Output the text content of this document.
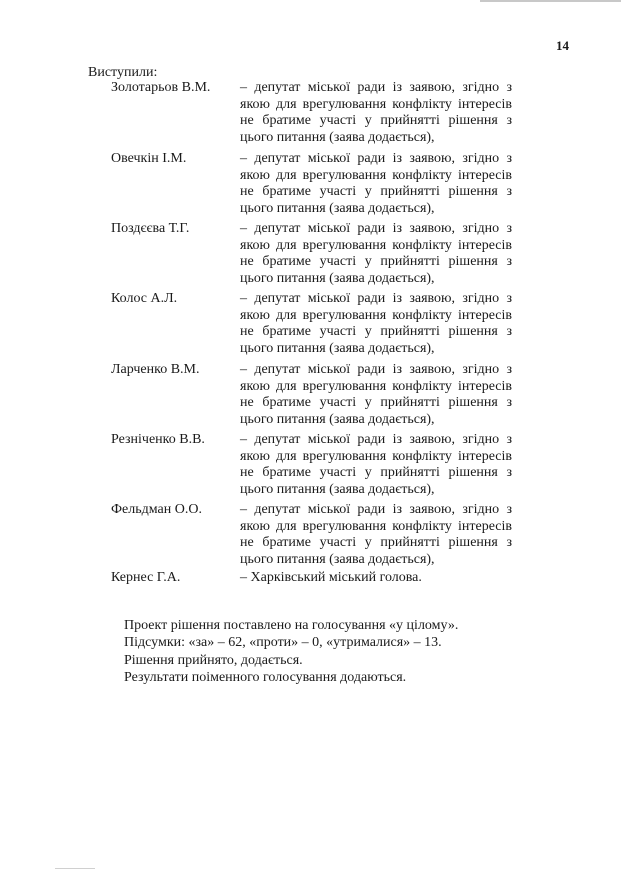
14
Виступили:
Золотарьов В.М. – депутат міської ради із заявою, згідно з якою для врегулювання конфлікту інтересів не братиме участі у прийнятті рішення з цього питання (заява додається),
Овечкін І.М.	– депутат міської ради із заявою, згідно з якою для врегулювання конфлікту інтересів не братиме участі у прийнятті рішення з цього питання (заява додається),
Поздєєва Т.Г.	– депутат міської ради із заявою, згідно з якою для врегулювання конфлікту інтересів не братиме участі у прийнятті рішення з цього питання (заява додається),
Колос А.Л.	– депутат міської ради із заявою, згідно з якою для врегулювання конфлікту інтересів не братиме участі у прийнятті рішення з цього питання (заява додається),
Ларченко В.М.	– депутат міської ради із заявою, згідно з якою для врегулювання конфлікту інтересів не братиме участі у прийнятті рішення з цього питання (заява додається),
Резніченко В.В.	– депутат міської ради із заявою, згідно з якою для врегулювання конфлікту інтересів не братиме участі у прийнятті рішення з цього питання (заява додається),
Фельдман О.О.	– депутат міської ради із заявою, згідно з якою для врегулювання конфлікту інтересів не братиме участі у прийнятті рішення з цього питання (заява додається),
Кернес Г.А.	– Харківський міський голова.
Проект рішення поставлено на голосування «у цілому».
Підсумки: «за» – 62, «проти» – 0, «утрималися» – 13.
Рішення прийнято, додається.
Результати поіменного голосування додаються.
